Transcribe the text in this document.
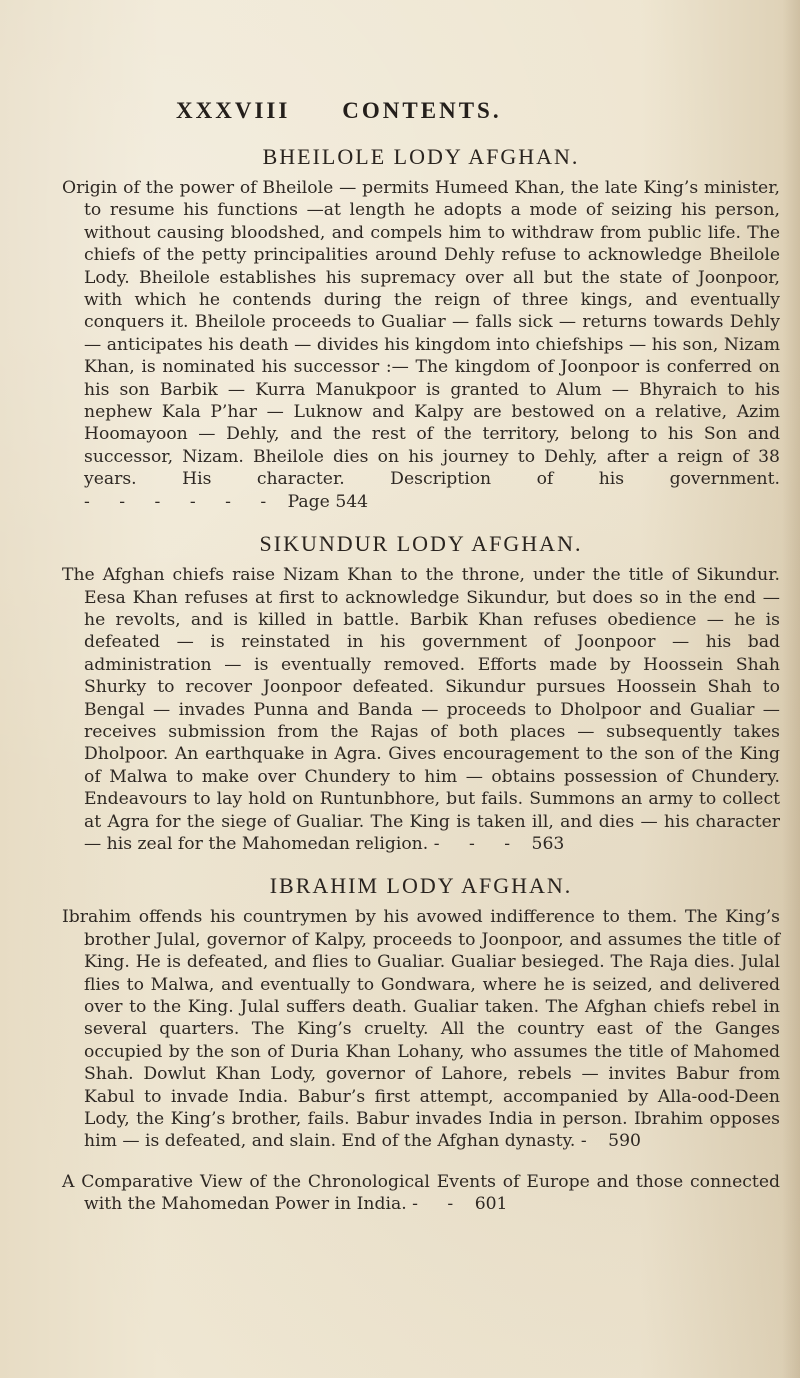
XXXVIII CONTENTS.
BHEILOLE LODY AFGHAN.
Origin of the power of Bheilole — permits Humeed Khan, the late King’s minister, to resume his functions —at length he adopts a mode of seizing his person, without causing bloodshed, and compels him to withdraw from public life. The chiefs of the petty principalities around Dehly refuse to acknowledge Bheilole Lody. Bheilole establishes his supremacy over all but the state of Joonpoor, with which he contends during the reign of three kings, and eventually conquers it. Bheilole proceeds to Gualiar — falls sick — returns towards Dehly — anticipates his death — divides his kingdom into chiefships — his son, Nizam Khan, is nominated his successor :— The kingdom of Joonpoor is conferred on his son Barbik — Kurra Manukpoor is granted to Alum — Bhyraich to his nephew Kala P’har — Luknow and Kalpy are bestowed on a relative, Azim Hoomayoon — Dehly, and the rest of the territory, belong to his Son and successor, Nizam. Bheilole dies on his journey to Dehly, after a reign of 38 years. His character. Description of his government. - - - - - - Page 544
SIKUNDUR LODY AFGHAN.
The Afghan chiefs raise Nizam Khan to the throne, under the title of Sikundur. Eesa Khan refuses at first to acknowledge Sikundur, but does so in the end — he revolts, and is killed in battle. Barbik Khan refuses obedience — he is defeated — is reinstated in his government of Joonpoor — his bad administration — is eventually removed. Efforts made by Hoossein Shah Shurky to recover Joonpoor defeated. Sikundur pursues Hoossein Shah to Bengal — invades Punna and Banda — proceeds to Dholpoor and Gualiar — receives submission from the Rajas of both places — subsequently takes Dholpoor. An earthquake in Agra. Gives encouragement to the son of the King of Malwa to make over Chundery to him — obtains possession of Chundery. Endeavours to lay hold on Runtunbhore, but fails. Summons an army to collect at Agra for the siege of Gualiar. The King is taken ill, and dies — his character — his zeal for the Mahomedan religion. - - - 563
IBRAHIM LODY AFGHAN.
Ibrahim offends his countrymen by his avowed indifference to them. The King’s brother Julal, governor of Kalpy, proceeds to Joonpoor, and assumes the title of King. He is defeated, and flies to Gualiar. Gualiar besieged. The Raja dies. Julal flies to Malwa, and eventually to Gondwara, where he is seized, and delivered over to the King. Julal suffers death. Gualiar taken. The Afghan chiefs rebel in several quarters. The King’s cruelty. All the country east of the Ganges occupied by the son of Duria Khan Lohany, who assumes the title of Mahomed Shah. Dowlut Khan Lody, governor of Lahore, rebels — invites Babur from Kabul to invade India. Babur’s first attempt, accompanied by Alla-ood-Deen Lody, the King’s brother, fails. Babur invades India in person. Ibrahim opposes him — is defeated, and slain. End of the Afghan dynasty. - 590
A Comparative View of the Chronological Events of Europe and those connected with the Mahomedan Power in India. - - 601
